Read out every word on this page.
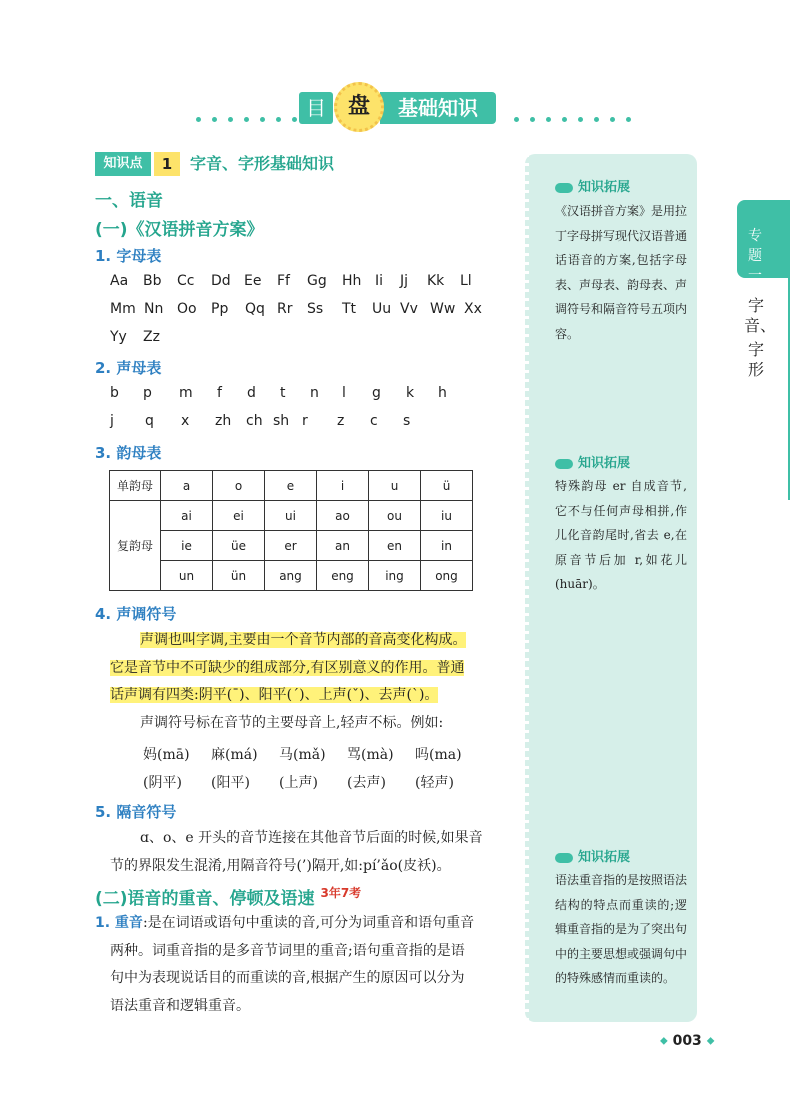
目	基础知识
盘
知识点	1	字音、字形基础知识
一、语音
(一)《汉语拼音方案》
1. 字母表
Aa	Bb	Cc	Dd Ee	Ff	Gg	Hh Ii	Jj	Kk	Ll
Mm Nn Oo	Pp	Qq Rr	Ss	Tt	Uu Vv Ww Xx
Yy	Zz
2. 声母表
b	p	m	f	d	t	n	l	g	k	h
j	q	x	zh	ch sh r	z	c	s
3. 韵母表
单韵母	a	o	e	i	u	ü
复韵母	ai	ei	ui	ao	ou	iu
	ie	üe	er	an	en	in
	un	ün	ang	eng	ing	ong
4. 声调符号
声调也叫字调,主要由一个音节内部的音高变化构成。
它是音节中不可缺少的组成部分,有区别意义的作用。普通
话声调有四类:阴平(ˉ)、阳平(ˊ)、上声(ˇ)、去声(ˋ)。
声调符号标在音节的主要母音上,轻声不标。例如:
妈(mā)	麻(má)	马(mǎ)	骂(mà)	吗(ma)
(阴平)	(阳平)	(上声)	(去声)	(轻声)
5. 隔音符号
ɑ、o、e 开头的音节连接在其他音节后面的时候,如果音
节的界限发生混淆,用隔音符号(’)隔开,如:pí’ǎo(皮袄)。
(二)语音的重音、停顿及语速 $^{3年7考}$
1. 重音:是在词语或语句中重读的音,可分为词重音和语句重音
两种。词重音指的是多音节词里的重音;语句重音指的是语
句中为表现说话目的而重读的音,根据产生的原因可以分为
语法重音和逻辑重音。
知识拓展
《汉语拼音方案》是用拉丁字母拼写现代汉语普通话语音的方案,包括字母表、声母表、韵母表、声调符号和隔音符号五项内容。
知识拓展
特殊韵母 er 自成音节,它不与任何声母相拼,作儿化音韵尾时,省去 e,在原音节后加 r,如花儿(huār)。
知识拓展
语法重音指的是按照语法结构的特点而重读的;逻辑重音指的是为了突出句中的主要思想或强调句中的特殊感情而重读的。
专题一
字音、
字形
◆ 003 ◆
